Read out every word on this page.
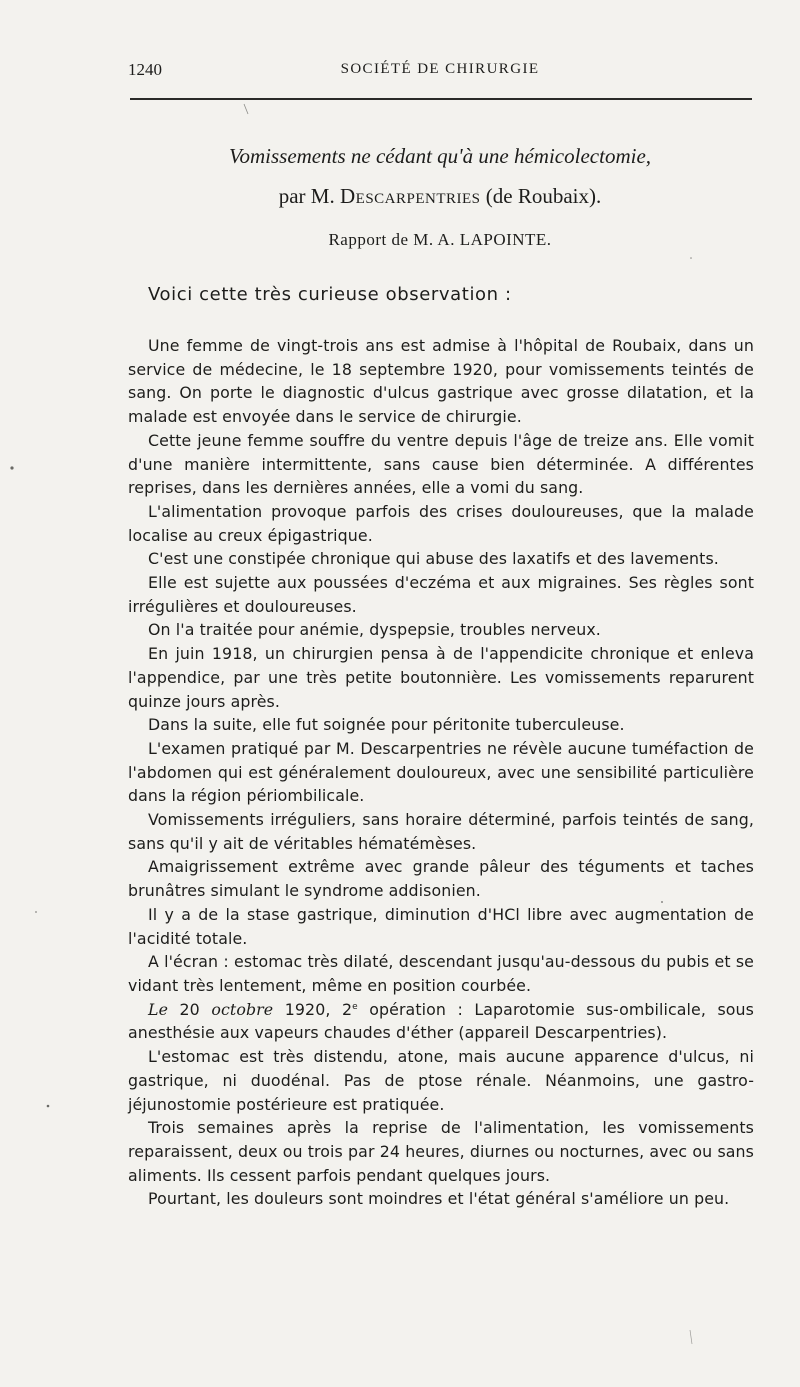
1240	SOCIÉTÉ DE CHIRURGIE
Vomissements ne cédant qu'à une hémicolectomie,
par M. Descarpentries (de Roubaix).
Rapport de M. A. LAPOINTE.
Voici cette très curieuse observation :

Une femme de vingt-trois ans est admise à l'hôpital de Roubaix, dans un service de médecine, le 18 septembre 1920, pour vomissements teintés de sang. On porte le diagnostic d'ulcus gastrique avec grosse dilatation, et la malade est envoyée dans le service de chirurgie.

Cette jeune femme souffre du ventre depuis l'âge de treize ans. Elle vomit d'une manière intermittente, sans cause bien déterminée. A différentes reprises, dans les dernières années, elle a vomi du sang.

L'alimentation provoque parfois des crises douloureuses, que la malade localise au creux épigastrique.

C'est une constipée chronique qui abuse des laxatifs et des lavements.

Elle est sujette aux poussées d'eczéma et aux migraines. Ses règles sont irrégulières et douloureuses.

On l'a traitée pour anémie, dyspepsie, troubles nerveux.

En juin 1918, un chirurgien pensa à de l'appendicite chronique et enleva l'appendice, par une très petite boutonnière. Les vomissements reparurent quinze jours après.

Dans la suite, elle fut soignée pour péritonite tuberculeuse.

L'examen pratiqué par M. Descarpentries ne révèle aucune tuméfaction de l'abdomen qui est généralement douloureux, avec une sensibilité particulière dans la région périombilicale.

Vomissements irréguliers, sans horaire déterminé, parfois teintés de sang, sans qu'il y ait de véritables hématémèses.

Amaigrissement extrême avec grande pâleur des téguments et taches brunâtres simulant le syndrome addisonien.

Il y a de la stase gastrique, diminution d'HCl libre avec augmentation de l'acidité totale.

A l'écran : estomac très dilaté, descendant jusqu'au-dessous du pubis et se vidant très lentement, même en position courbée.

Le 20 octobre 1920, 2e opération : Laparotomie sus-ombilicale, sous anesthésie aux vapeurs chaudes d'éther (appareil Descarpentries).

L'estomac est très distendu, atone, mais aucune apparence d'ulcus, ni gastrique, ni duodénal. Pas de ptose rénale. Néanmoins, une gastro-jéjunostomie postérieure est pratiquée.

Trois semaines après la reprise de l'alimentation, les vomissements reparaissent, deux ou trois par 24 heures, diurnes ou nocturnes, avec ou sans aliments. Ils cessent parfois pendant quelques jours.

Pourtant, les douleurs sont moindres et l'état général s'améliore un peu.
